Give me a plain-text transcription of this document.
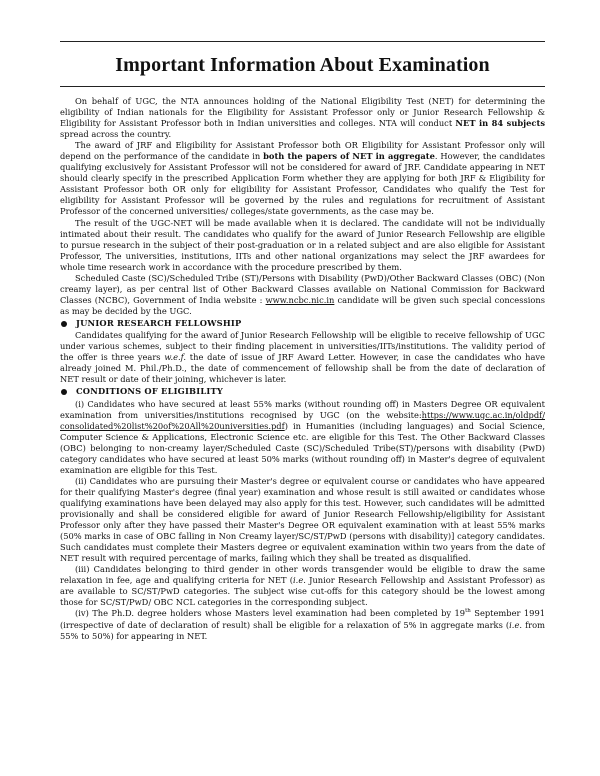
Important Information About Examination

On behalf of UGC, the NTA announces holding of the National Eligibility Test (NET) for determining the eligibility of Indian nationals for the Eligibility for Assistant Professor only or Junior Research Fellowship & Eligibility for Assistant Professor both in Indian universities and colleges. NTA will conduct NET in 84 subjects spread across the country.

The award of JRF and Eligibility for Assistant Professor both OR Eligibility for Assistant Professor only will depend on the performance of the candidate in both the papers of NET in aggregate. However, the candidates qualifying exclusively for Assistant Professor will not be considered for award of JRF. Candidate appearing in NET should clearly specify in the prescribed Application Form whether they are applying for both JRF & Eligibility for Assistant Professor both OR only for eligibility for Assistant Professor, Candidates who qualify the Test for eligibility for Assistant Professor will be governed by the rules and regulations for recruitment of Assistant Professor of the concerned universities/ colleges/state governments, as the case may be.

The result of the UGC-NET will be made available when it is declared. The candidate will not be individually intimated about their result. The candidates who qualify for the award of Junior Research Fellowship are eligible to pursue research in the subject of their post-graduation or in a related subject and are also eligible for Assistant Professor, The universities, institutions, IITs and other national organizations may select the JRF awardees for whole time research work in accordance with the procedure prescribed by them.

Scheduled Caste (SC)/Scheduled Tribe (ST)/Persons with Disability (PwD)/Other Backward Classes (OBC) (Non creamy layer), as per central list of Other Backward Classes available on National Commission for Backward Classes (NCBC), Government of India website : www.ncbc.nic.in candidate will be given such special concessions as may be decided by the UGC.

JUNIOR RESEARCH FELLOWSHIP

Candidates qualifying for the award of Junior Research Fellowship will be eligible to receive fellowship of UGC under various schemes, subject to their finding placement in universities/IITs/institutions. The validity period of the offer is three years w.e.f. the date of issue of JRF Award Letter. However, in case the candidates who have already joined M. Phil./Ph.D., the date of commencement of fellowship shall be from the date of declaration of NET result or date of their joining, whichever is later.

CONDITIONS OF ELIGIBILITY

(i) Candidates who have secured at least 55% marks (without rounding off) in Masters Degree OR equivalent examination from universities/institutions recognised by UGC (on the website:https://www.ugc.ac.in/oldpdf/ consolidated%20list%20of%20All%20universities.pdf) in Humanities (including languages) and Social Science, Computer Science & Applications, Electronic Science etc. are eligible for this Test. The Other Backward Classes (OBC) belonging to non-creamy layer/Scheduled Caste (SC)/Scheduled Tribe(ST)/persons with disability (PwD) category candidates who have secured at least 50% marks (without rounding off) in Master's degree of equivalent examination are eligible for this Test.

(ii) Candidates who are pursuing their Master's degree or equivalent course or candidates who have appeared for their qualifying Master's degree (final year) examination and whose result is still awaited or candidates whose qualifying examinations have been delayed may also apply for this test. However, such candidates will be admitted provisionally and shall be considered eligible for award of Junior Research Fellowship/eligibility for Assistant Professor only after they have passed their Master's Degree OR equivalent examination with at least 55% marks (50% marks in case of OBC falling in Non Creamy layer/SC/ST/PwD (persons with disability)] category candidates. Such candidates must complete their Masters degree or equivalent examination within two years from the date of NET result with required percentage of marks, failing which they shall be treated as disqualified.

(iii) Candidates belonging to third gender in other words transgender would be eligible to draw the same relaxation in fee, age and qualifying criteria for NET (i.e. Junior Research Fellowship and Assistant Professor) as are available to SC/ST/PwD categories. The subject wise cut-offs for this category should be the lowest among those for SC/ST/PwD/ OBC NCL categories in the corresponding subject.

(iv) The Ph.D. degree holders whose Masters level examination had been completed by 19th September 1991 (irrespective of date of declaration of result) shall be eligible for a relaxation of 5% in aggregate marks (i.e. from 55% to 50%) for appearing in NET.
